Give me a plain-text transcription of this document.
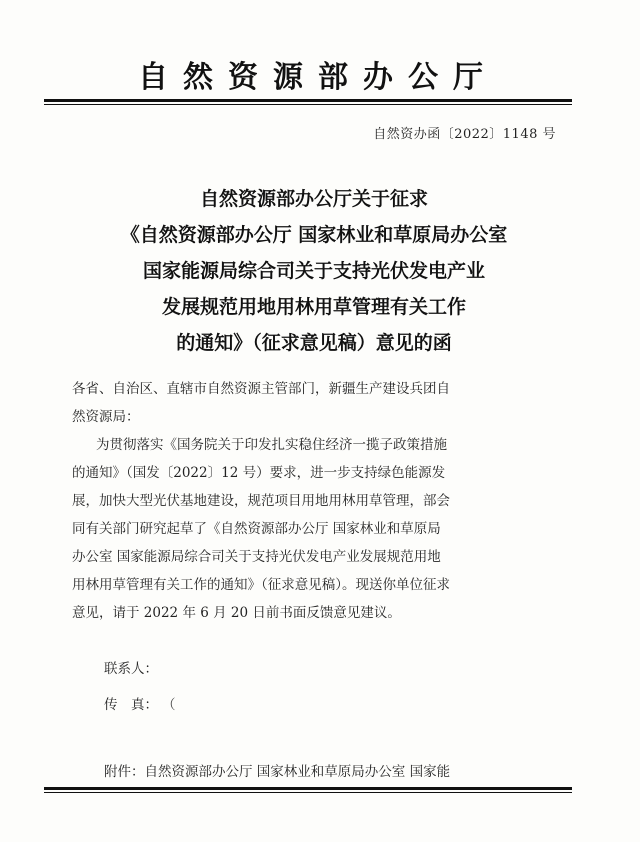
自然资源部办公厅
自然资办函〔2022〕1148 号
自然资源部办公厅关于征求
《自然资源部办公厅 国家林业和草原局办公室
国家能源局综合司关于支持光伏发电产业
发展规范用地用林用草管理有关工作
的通知》（征求意见稿）意见的函
各省、自治区、直辖市自然资源主管部门，新疆生产建设兵团自
然资源局：
为贯彻落实《国务院关于印发扎实稳住经济一揽子政策措施
的通知》（国发〔2022〕12 号）要求，进一步支持绿色能源发
展，加快大型光伏基地建设，规范项目用地用林用草管理，部会
同有关部门研究起草了《自然资源部办公厅 国家林业和草原局
办公室 国家能源局综合司关于支持光伏发电产业发展规范用地
用林用草管理有关工作的通知》（征求意见稿）。现送你单位征求
意见，请于 2022 年 6 月 20 日前书面反馈意见建议。
联系人：
传　真： （
附件：自然资源部办公厅 国家林业和草原局办公室 国家能
